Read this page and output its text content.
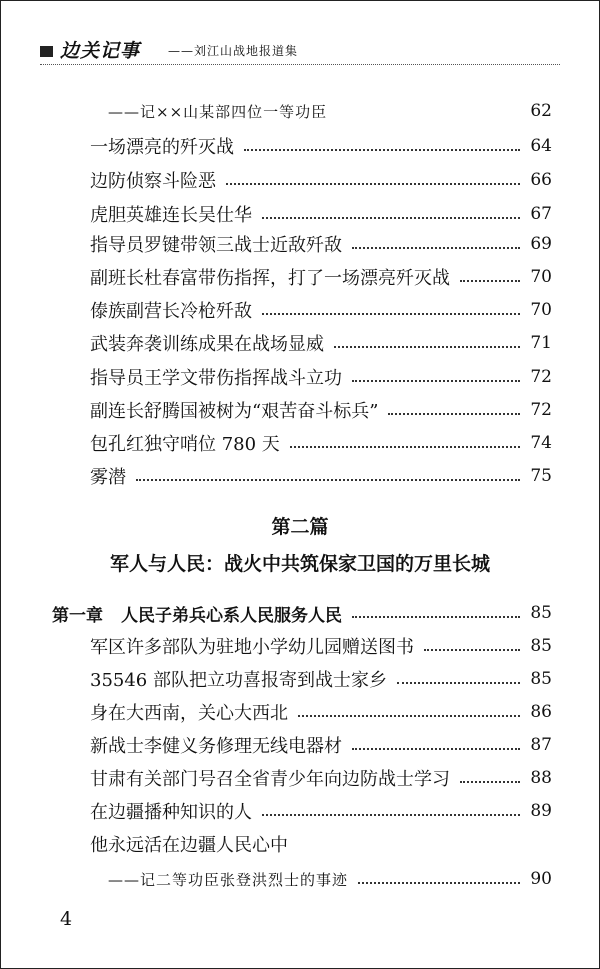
边关记事 ——刘江山战地报道集
——记××山某部四位一等功臣	62
一场漂亮的歼灭战	64
边防侦察斗险恶	66
虎胆英雄连长吴仕华	67
指导员罗键带领三战士近敌歼敌	69
副班长杜春富带伤指挥，打了一场漂亮歼灭战	70
傣族副营长冷枪歼敌	70
武装奔袭训练成果在战场显威	71
指导员王学文带伤指挥战斗立功	72
副连长舒腾国被树为“艰苦奋斗标兵”	72
包孔红独守哨位 780 天	74
雾潜	75
第二篇
军人与人民：战火中共筑保家卫国的万里长城
第一章 人民子弟兵心系人民服务人民	85
军区许多部队为驻地小学幼儿园赠送图书	85
35546 部队把立功喜报寄到战士家乡	85
身在大西南，关心大西北	86
新战士李健义务修理无线电器材	87
甘肃有关部门号召全省青少年向边防战士学习	88
在边疆播种知识的人	89
他永远活在边疆人民心中
——记二等功臣张登洪烈士的事迹	90
4
